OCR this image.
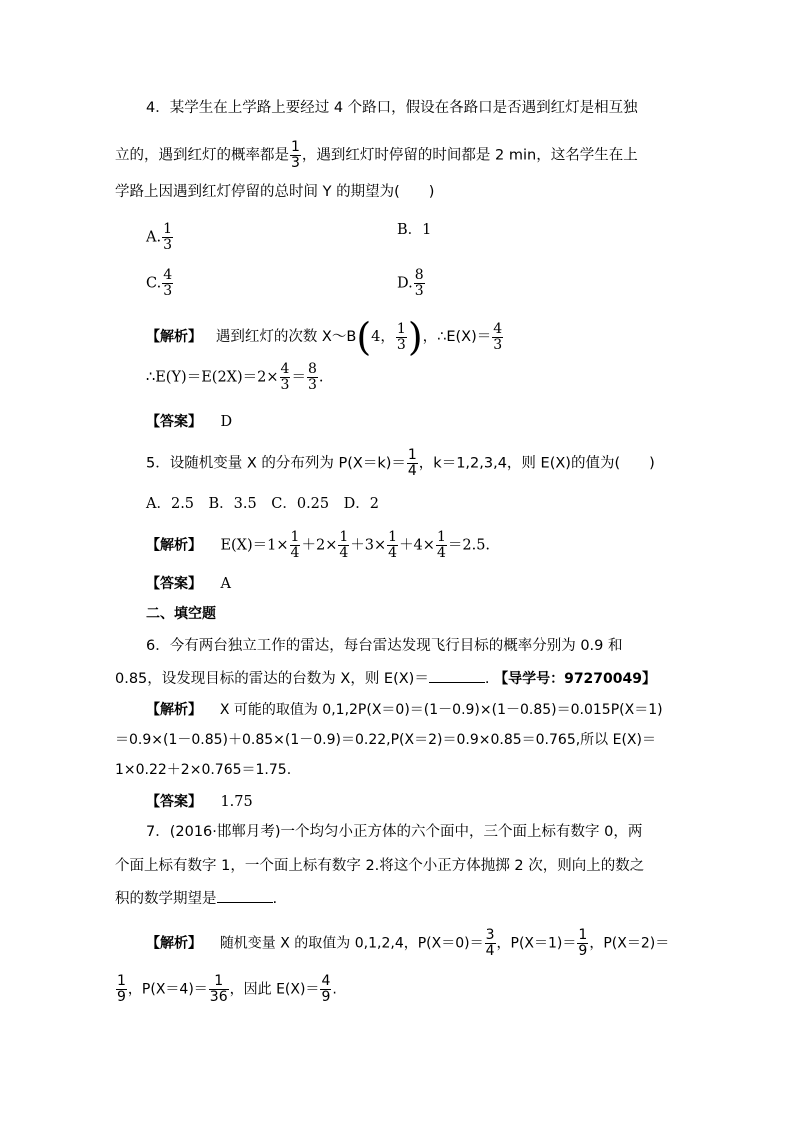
4．某学生在上学路上要经过 4 个路口，假设在各路口是否遇到红灯是相互独
立的，遇到红灯的概率都是 $\frac{1}{3}$ ，遇到红灯时停留的时间都是 2 min，这名学生在上
学路上因遇到红灯停留的总时间 Y 的期望为(　　)
A. $\frac{1}{3}$	B．1
C. $\frac{4}{3}$	D. $\frac{8}{3}$
【解析】 遇到红灯的次数 X～B(4， $\frac{1}{3}$ )，∴E(X)＝ $\frac{4}{3}$
∴E(Y)＝E(2X)＝2× $\frac{4}{3} = \frac{8}{3}$ .
【答案】 D
5．设随机变量 X 的分布列为 $P(X=k)= \frac{1}{4}$ ，k＝1,2,3,4，则 E(X)的值为(　　)
A．2.5　B．3.5　C．0.25　D．2
【解析】 $E(X)=1\times \frac{1}{4} +2\times \frac{1}{4} +3\times \frac{1}{4} +4\times \frac{1}{4} =2.5$.
【答案】 A
二、填空题
6．今有两台独立工作的雷达，每台雷达发现飞行目标的概率分别为 0.9 和
0.85，设发现目标的雷达的台数为 X，则 E(X)＝	. 【导学号：97270049】
【解析】 X 可能的取值为 0,1,2P(X＝0)＝(1－0.9)×(1－0.85)＝0.015P(X＝1)
＝0.9×(1－0.85)＋0.85×(1－0.9)＝0.22,P(X＝2)＝0.9×0.85＝0.765,所以 E(X)＝
1×0.22＋2×0.765＝1.75.
【答案】 1.75
7．(2016·邯郸月考)一个均匀小正方体的六个面中，三个面上标有数字 0，两
个面上标有数字 1，一个面上标有数字 2.将这个小正方体抛掷 2 次，则向上的数之
积的数学期望是	.
【解析】 随机变量 X 的取值为 0,1,2,4，$P(X=0)= \frac{3}{4}$ ，$P(X=1)= \frac{1}{9}$ ，P(X＝2)＝
$\frac{1}{9}$ ，$P(X=4)= \frac{1}{36}$ ，因此 $E(X)= \frac{4}{9}$ .
